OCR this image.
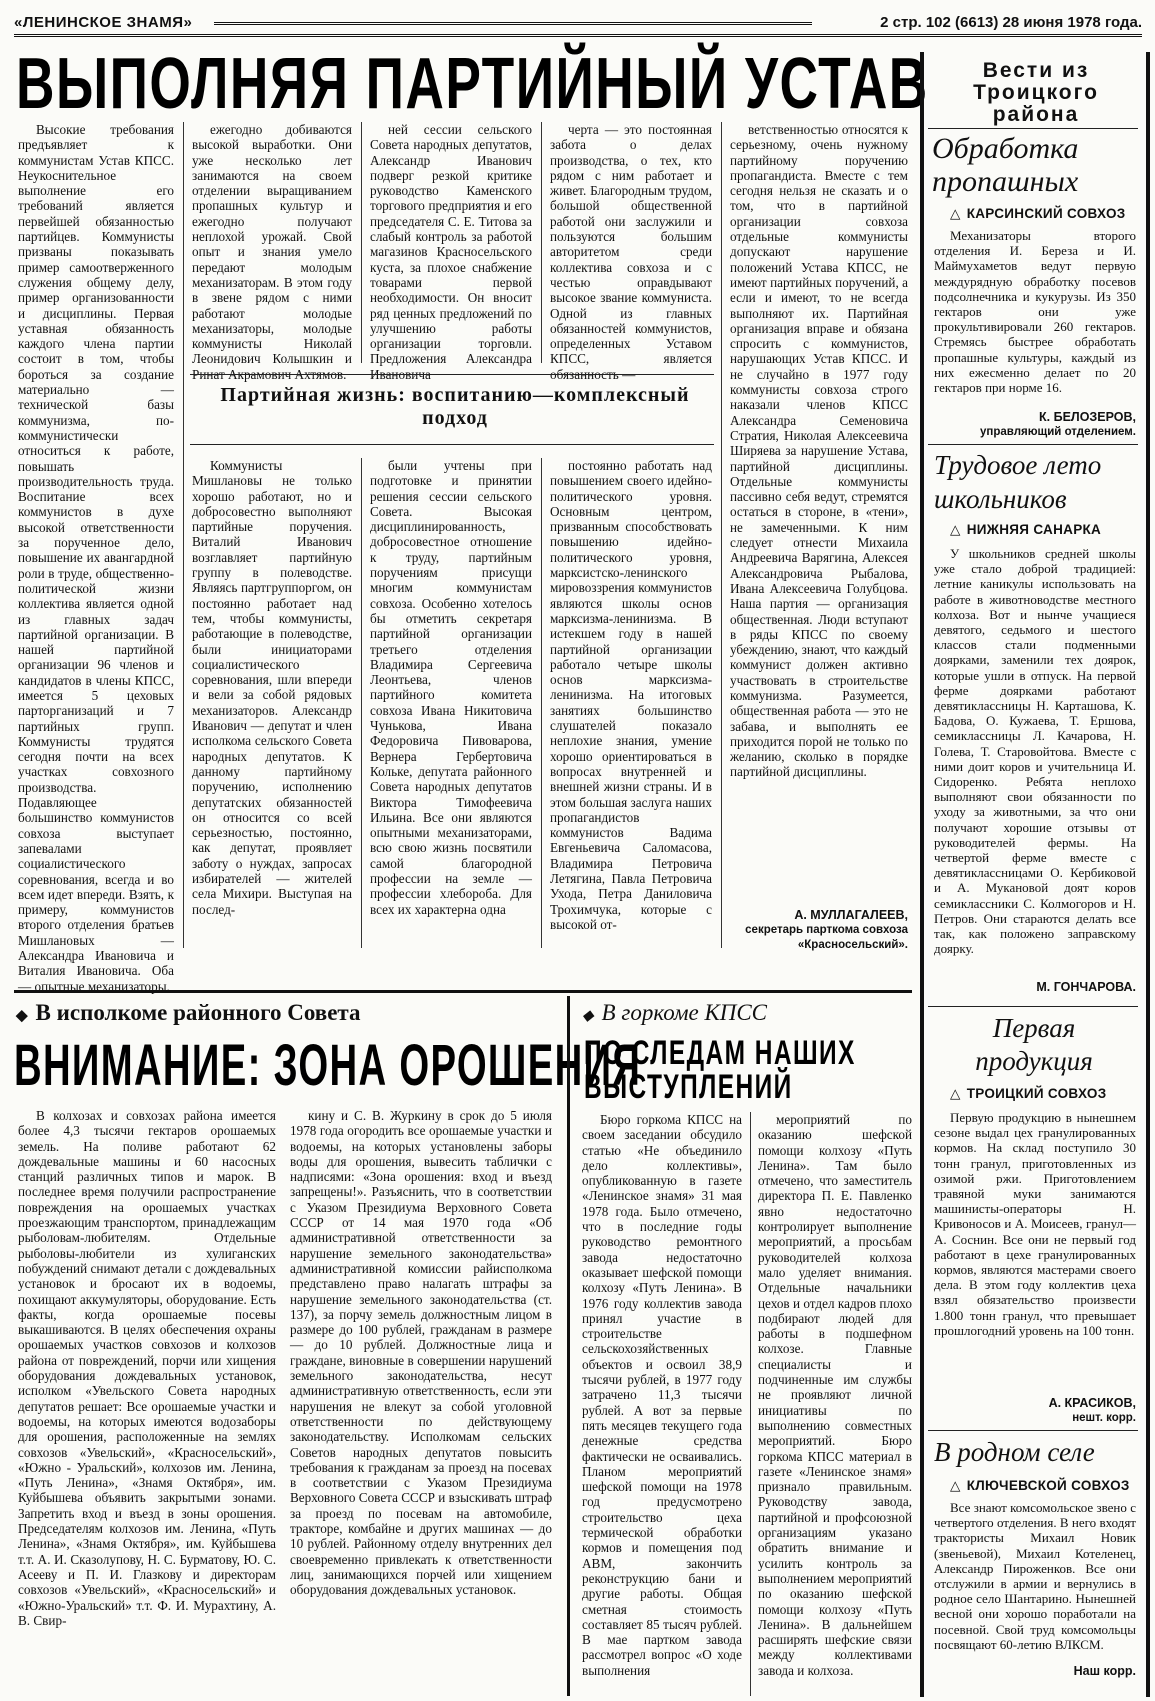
«ЛЕНИНСКОЕ ЗНАМЯ»	2 стр. 102 (6613) 28 июня 1978 года.
ВЫПОЛНЯЯ ПАРТИЙНЫЙ УСТАВ

Высокие требования предъявляет к коммунистам Устав КПСС. Неукоснительное выполнение его требований является первейшей обязанностью партийцев. Коммунисты призваны показывать пример самоотверженного служения общему делу, пример организованности и дисциплины. Первая уставная обязанность каждого члена партии состоит в том, чтобы бороться за создание материально — технической базы коммунизма, по-коммунистически относиться к работе, повышать производительность труда. Воспитание всех коммунистов в духе высокой ответственности за порученное дело, повышение их авангардной роли в труде, общественно-политической жизни коллектива является одной из главных задач партийной организации. В нашей партийной организации 96 членов и кандидатов в члены КПСС, имеется 5 цеховых парторганизаций и 7 партийных групп. Коммунисты трудятся сегодня почти на всех участках совхозного производства. Подавляющее большинство коммунистов совхоза выступает запевалами социалистического соревнования, всегда и во всем идет впереди. Взять, к примеру, коммунистов второго отделения братьев Мишлановых — Александра Ивановича и Виталия Ивановича. Оба — опытные механизаторы,

ежегодно добиваются высокой выработки. Они уже несколько лет занимаются на своем отделении выращиванием пропашных культур и ежегодно получают неплохой урожай. Свой опыт и знания умело передают молодым механизаторам. В этом году в звене рядом с ними работают молодые механизаторы, молодые коммунисты Николай Леонидович Колышкин и Ринат Акрамович Ахтямов.

ней сессии сельского Совета народных депутатов, Александр Иванович подверг резкой критике руководство Каменского торгового предприятия и его председателя С. Е. Титова за слабый контроль за работой магазинов Красносельского куста, за плохое снабжение товарами первой необходимости. Он вносит ряд ценных предложений по улучшению работы организации торговли. Предложения Александра Ивановича

черта — это постоянная забота о делах производства, о тех, кто рядом с ним работает и живет. Благородным трудом, большой общественной работой они заслужили и пользуются большим авторитетом среди коллектива совхоза и с честью оправдывают высокое звание коммуниста. Одной из главных обязанностей коммунистов, определенных Уставом КПСС, является обязанность —

ветственностью относятся к серьезному, очень нужному партийному поручению пропагандиста. Вместе с тем сегодня нельзя не сказать и о том, что в партийной организации совхоза отдельные коммунисты допускают нарушение положений Устава КПСС, не имеют партийных поручений, а если и имеют, то не всегда выполняют их. Партийная организация вправе и обязана спросить с коммунистов, нарушающих Устав КПСС. И не случайно в 1977 году коммунисты совхоза строго наказали членов КПСС Александра Семеновича Стратия, Николая Алексеевича Ширяева за нарушение Устава, партийной дисциплины. Отдельные коммунисты пассивно себя ведут, стремятся остаться в стороне, в «тени», не замеченными. К ним следует отнести Михаила Андреевича Варягина, Алексея Александровича Рыбалова, Ивана Алексеевича Голубцова. Наша партия — организация общественная. Люди вступают в ряды КПСС по своему убеждению, знают, что каждый коммунист должен активно участвовать в строительстве коммунизма. Разумеется, общественная работа — это не забава, и выполнять ее приходится порой не только по желанию, сколько в порядке партийной дисциплины.

Партийная жизнь: воспитанию—комплексный подход

Коммунисты Мишлановы не только хорошо работают, но и добросовестно выполняют партийные поручения. Виталий Иванович возглавляет партийную группу в полеводстве. Являясь партгруппоргом, он постоянно работает над тем, чтобы коммунисты, работающие в полеводстве, были инициаторами социалистического соревнования, шли впереди и вели за собой рядовых механизаторов. Александр Иванович — депутат и член исполкома сельского Совета народных депутатов. К данному партийному поручению, исполнению депутатских обязанностей он относится со всей серьезностью, постоянно, как депутат, проявляет заботу о нуждах, запросах избирателей — жителей села Михири. Выступая на послед-

были учтены при подготовке и принятии решения сессии сельского Совета. Высокая дисциплинированность, добросовестное отношение к труду, партийным поручениям присущи многим коммунистам совхоза. Особенно хотелось бы отметить секретаря партийной организации третьего отделения Владимира Сергеевича Леонтьева, членов партийного комитета совхоза Ивана Никитовича Чунькова, Ивана Федоровича Пивоварова, Вернера Гербертовича Кольке, депутата районного Совета народных депутатов Виктора Тимофеевича Ильина. Все они являются опытными механизаторами, всю свою жизнь посвятили самой благородной профессии на земле — профессии хлебороба. Для всех их характерна одна

постоянно работать над повышением своего идейно-политического уровня. Основным центром, призванным способствовать повышению идейно-политического уровня, марксистско-ленинского мировоззрения коммунистов являются школы основ марксизма-ленинизма. В истекшем году в нашей партийной организации работало четыре школы основ марксизма-ленинизма. На итоговых занятиях большинство слушателей показало неплохие знания, умение хорошо ориентироваться в вопросах внутренней и внешней жизни страны. И в этом большая заслуга наших пропагандистов коммунистов Вадима Евгеньевича Саломасова, Владимира Петровича Летягина, Павла Петровича Ухода, Петра Даниловича Трохимчука, которые с высокой от-

А. МУЛЛАГАЛЕЕВ,
секретарь парткома совхоза «Красносельский».
◆ В исполкоме районного Совета
ВНИМАНИЕ: ЗОНА ОРОШЕНИЯ

В колхозах и совхозах района имеется более 4,3 тысячи гектаров орошаемых земель. На поливе работают 62 дождевальные машины и 60 насосных станций различных типов и марок. В последнее время получили распространение повреждения на орошаемых участках проезжающим транспортом, принадлежащим рыболовам-любителям. Отдельные рыболовы-любители из хулиганских побуждений снимают детали с дождевальных установок и бросают их в водоемы, похищают аккумуляторы, оборудование. Есть факты, когда орошаемые посевы выкашиваются. В целях обеспечения охраны орошаемых участков совхозов и колхозов района от повреждений, порчи или хищения оборудования дождевальных установок, исполком «Увельского Совета народных депутатов решает: Все орошаемые участки и водоемы, на которых имеются водозаборы для орошения, расположенные на землях совхозов «Увельский», «Красносельский», «Южно - Уральский», колхозов им. Ленина, «Путь Ленина», «Знамя Октября», им. Куйбышева объявить закрытыми зонами. Запретить вход и въезд в зоны орошения. Председателям колхозов им. Ленина, «Путь Ленина», «Знамя Октября», им. Куйбышева т.т. А. И. Сказолупову, Н. С. Бурматову, Ю. С. Асееву и П. И. Глазкову и директорам совхозов «Увельский», «Красносельский» и «Южно-Уральский» т.т. Ф. И. Мурахтину, А. В. Свир-

кину и С. В. Журкину в срок до 5 июля 1978 года огородить все орошаемые участки и водоемы, на которых установлены заборы воды для орошения, вывесить таблички с надписями: «Зона орошения: вход и въезд запрещены!». Разъяснить, что в соответствии с Указом Президиума Верховного Совета СССР от 14 мая 1970 года «Об административной ответственности за нарушение земельного законодательства» административной комиссии райисполкома представлено право налагать штрафы за нарушение земельного законодательства (ст. 137), за порчу земель должностным лицом в размере до 100 рублей, гражданам в размере — до 10 рублей. Должностные лица и граждане, виновные в совершении нарушений земельного законодательства, несут административную ответственность, если эти нарушения не влекут за собой уголовной ответственности по действующему законодательству. Исполкомам сельских Советов народных депутатов повысить требования к гражданам за проезд на посевах в соответствии с Указом Президиума Верховного Совета СССР и взыскивать штраф за проезд по посевам на автомобиле, тракторе, комбайне и других машинах — до 10 рублей. Районному отделу внутренних дел своевременно привлекать к ответственности лиц, занимающихся порчей или хищением оборудования дождевальных установок.

◆ В горкоме КПСС
ПО СЛЕДАМ НАШИХ ВЫСТУПЛЕНИЙ

Бюро горкома КПСС на своем заседании обсудило статью «Не объединило дело коллективы», опубликованную в газете «Ленинское знамя» 31 мая 1978 года. Было отмечено, что в последние годы руководство ремонтного завода недостаточно оказывает шефской помощи колхозу «Путь Ленина». В 1976 году коллектив завода принял участие в строительстве сельскохозяйственных объектов и освоил 38,9 тысячи рублей, в 1977 году затрачено 11,3 тысячи рублей. А вот за первые пять месяцев текущего года денежные средства фактически не осваивались. Планом мероприятий шефской помощи на 1978 год предусмотрено строительство цеха термической обработки кормов и помещения под АВМ, закончить реконструкцию бани и другие работы. Общая сметная стоимость составляет 85 тысяч рублей. В мае партком завода рассмотрел вопрос «О ходе выполнения

мероприятий по оказанию шефской помощи колхозу «Путь Ленина». Там было отмечено, что заместитель директора П. Е. Павленко явно недостаточно контролирует выполнение мероприятий, а просьбам руководителей колхоза мало уделяет внимания. Отдельные начальники цехов и отдел кадров плохо подбирают людей для работы в подшефном колхозе. Главные специалисты и подчиненные им службы не проявляют личной инициативы по выполнению совместных мероприятий. Бюро горкома КПСС материал в газете «Ленинское знамя» признало правильным. Руководству завода, партийной и профсоюзной организациям указано обратить внимание и усилить контроль за выполнением мероприятий по оказанию шефской помощи колхозу «Путь Ленина». В дальнейшем расширять шефские связи между коллективами завода и колхоза.

Вести из Троицкого района
Обработка пропашных
△ КАРСИНСКИЙ СОВХОЗ

Механизаторы второго отделения И. Береза и И. Маймухаметов ведут первую междурядную обработку посевов подсолнечника и кукурузы. Из 350 гектаров они уже прокультивировали 260 гектаров. Стремясь быстрее обработать пропашные культуры, каждый из них ежесменно делает по 20 гектаров при норме 16.

К. БЕЛОЗЕРОВ,
управляющий отделением.
Трудовое лето школьников
△ НИЖНЯЯ САНАРКА

У школьников средней школы уже стало доброй традицией: летние каникулы использовать на работе в животноводстве местного колхоза. Вот и нынче учащиеся девятого, седьмого и шестого классов стали подменными доярками, заменили тех доярок, которые ушли в отпуск. На первой ферме доярками работают девятиклассницы Н. Карташова, К. Бадова, О. Кужаева, Т. Ершова, семиклассницы Л. Качарова, Н. Голева, Т. Старовойтова. Вместе с ними доит коров и учительница И. Сидоренко. Ребята неплохо выполняют свои обязанности по уходу за животными, за что они получают хорошие отзывы от руководителей фермы. На четвертой ферме вместе с девятиклассницами О. Кербиковой и А. Мукановой доят коров семиклассники С. Колмогоров и Н. Петров. Они стараются делать все так, как положено заправскому доярку.

М. ГОНЧАРОВА.
Первая продукция
△ ТРОИЦКИЙ СОВХОЗ

Первую продукцию в нынешнем сезоне выдал цех гранулированных кормов. На склад поступило 30 тонн гранул, приготовленных из озимой ржи. Приготовлением травяной муки занимаются машинисты-операторы Н. Кривоносов и А. Моисеев, гранул—А. Соснин. Все они не первый год работают в цехе гранулированных кормов, являются мастерами своего дела. В этом году коллектив цеха взял обязательство произвести 1.800 тонн гранул, что превышает прошлогодний уровень на 100 тонн.

А. КРАСИКОВ,
нешт. корр.
В родном селе
△ КЛЮЧЕВСКОЙ СОВХОЗ

Все знают комсомольское звено с четвертого отделения. В него входят трактористы Михаил Новик (звеньевой), Михаил Котеленец, Александр Пироженков. Все они отслужили в армии и вернулись в родное село Шантарино. Нынешней весной они хорошо поработали на посевной. Свой труд комсомольцы посвящают 60-летию ВЛКСМ.

Наш корр.
